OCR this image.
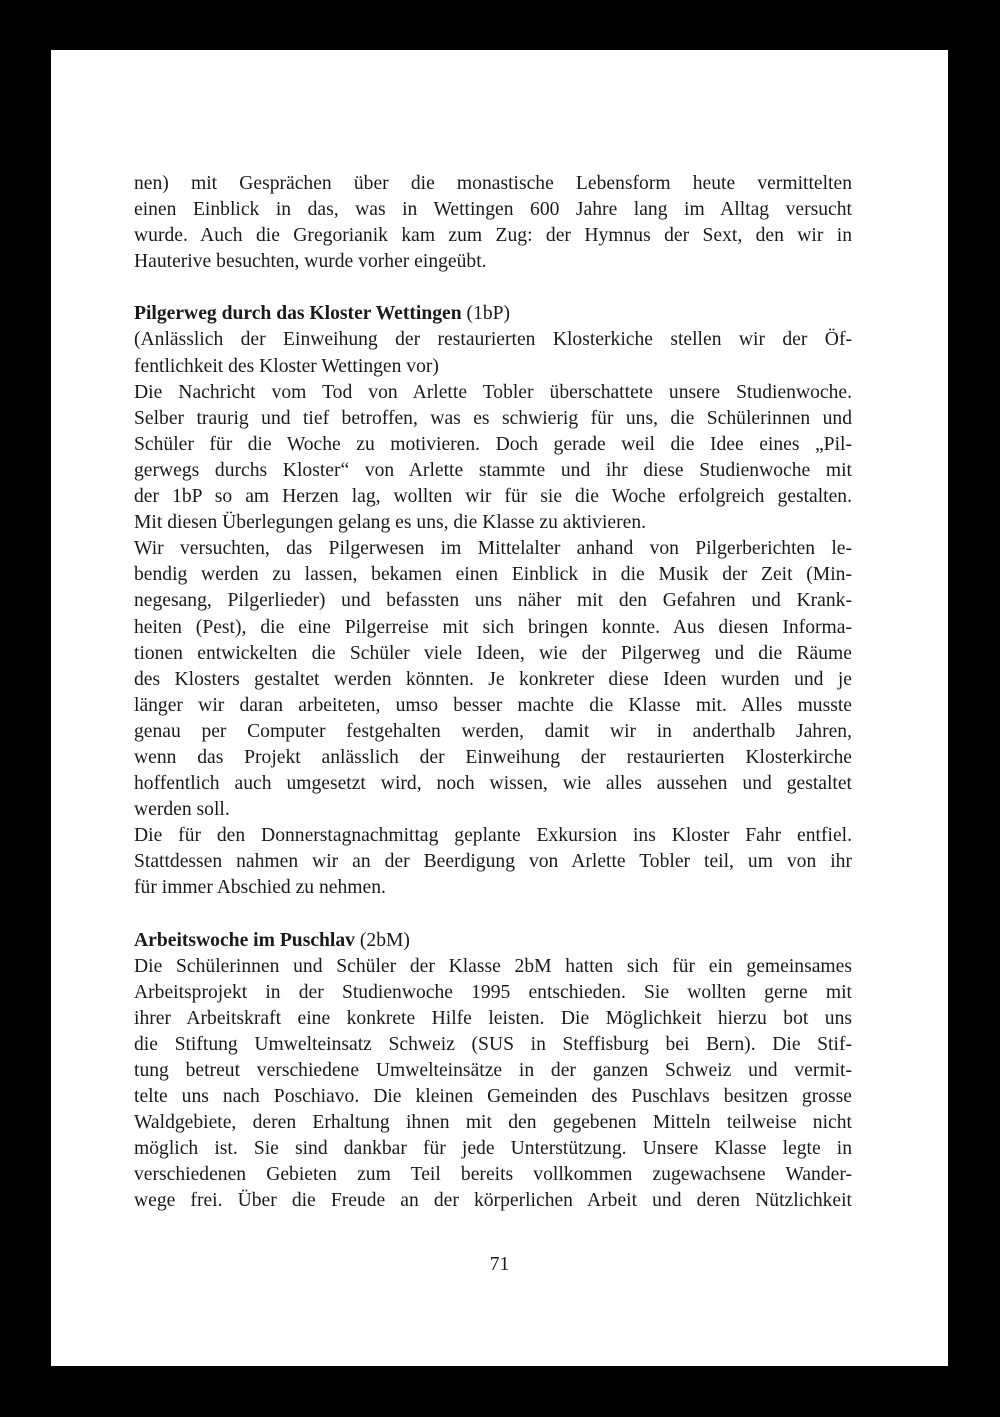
nen) mit Gesprächen über die monastische Lebensform heute vermittelten
einen Einblick in das, was in Wettingen 600 Jahre lang im Alltag versucht
wurde. Auch die Gregorianik kam zum Zug: der Hymnus der Sext, den wir in
Hauterive besuchten, wurde vorher eingeübt.
Pilgerweg durch das Kloster Wettingen (1bP)
(Anlässlich der Einweihung der restaurierten Klosterkiche stellen wir der Öf-
fentlichkeit des Kloster Wettingen vor)
Die Nachricht vom Tod von Arlette Tobler überschattete unsere Studienwoche.
Selber traurig und tief betroffen, was es schwierig für uns, die Schülerinnen und
Schüler für die Woche zu motivieren. Doch gerade weil die Idee eines „Pil-
gerwegs durchs Kloster“ von Arlette stammte und ihr diese Studienwoche mit
der 1bP so am Herzen lag, wollten wir für sie die Woche erfolgreich gestalten.
Mit diesen Überlegungen gelang es uns, die Klasse zu aktivieren.
Wir versuchten, das Pilgerwesen im Mittelalter anhand von Pilgerberichten le-
bendig werden zu lassen, bekamen einen Einblick in die Musik der Zeit (Min-
negesang, Pilgerlieder) und befassten uns näher mit den Gefahren und Krank-
heiten (Pest), die eine Pilgerreise mit sich bringen konnte. Aus diesen Informa-
tionen entwickelten die Schüler viele Ideen, wie der Pilgerweg und die Räume
des Klosters gestaltet werden könnten. Je konkreter diese Ideen wurden und je
länger wir daran arbeiteten, umso besser machte die Klasse mit. Alles musste
genau per Computer festgehalten werden, damit wir in anderthalb Jahren,
wenn das Projekt anlässlich der Einweihung der restaurierten Klosterkirche
hoffentlich auch umgesetzt wird, noch wissen, wie alles aussehen und gestaltet
werden soll.
Die für den Donnerstagnachmittag geplante Exkursion ins Kloster Fahr entfiel.
Stattdessen nahmen wir an der Beerdigung von Arlette Tobler teil, um von ihr
für immer Abschied zu nehmen.
Arbeitswoche im Puschlav (2bM)
Die Schülerinnen und Schüler der Klasse 2bM hatten sich für ein gemeinsames
Arbeitsprojekt in der Studienwoche 1995 entschieden. Sie wollten gerne mit
ihrer Arbeitskraft eine konkrete Hilfe leisten. Die Möglichkeit hierzu bot uns
die Stiftung Umwelteinsatz Schweiz (SUS in Steffisburg bei Bern). Die Stif-
tung betreut verschiedene Umwelteinsätze in der ganzen Schweiz und vermit-
telte uns nach Poschiavo. Die kleinen Gemeinden des Puschlavs besitzen grosse
Waldgebiete, deren Erhaltung ihnen mit den gegebenen Mitteln teilweise nicht
möglich ist. Sie sind dankbar für jede Unterstützung. Unsere Klasse legte in
verschiedenen Gebieten zum Teil bereits vollkommen zugewachsene Wander-
wege frei. Über die Freude an der körperlichen Arbeit und deren Nützlichkeit
71
